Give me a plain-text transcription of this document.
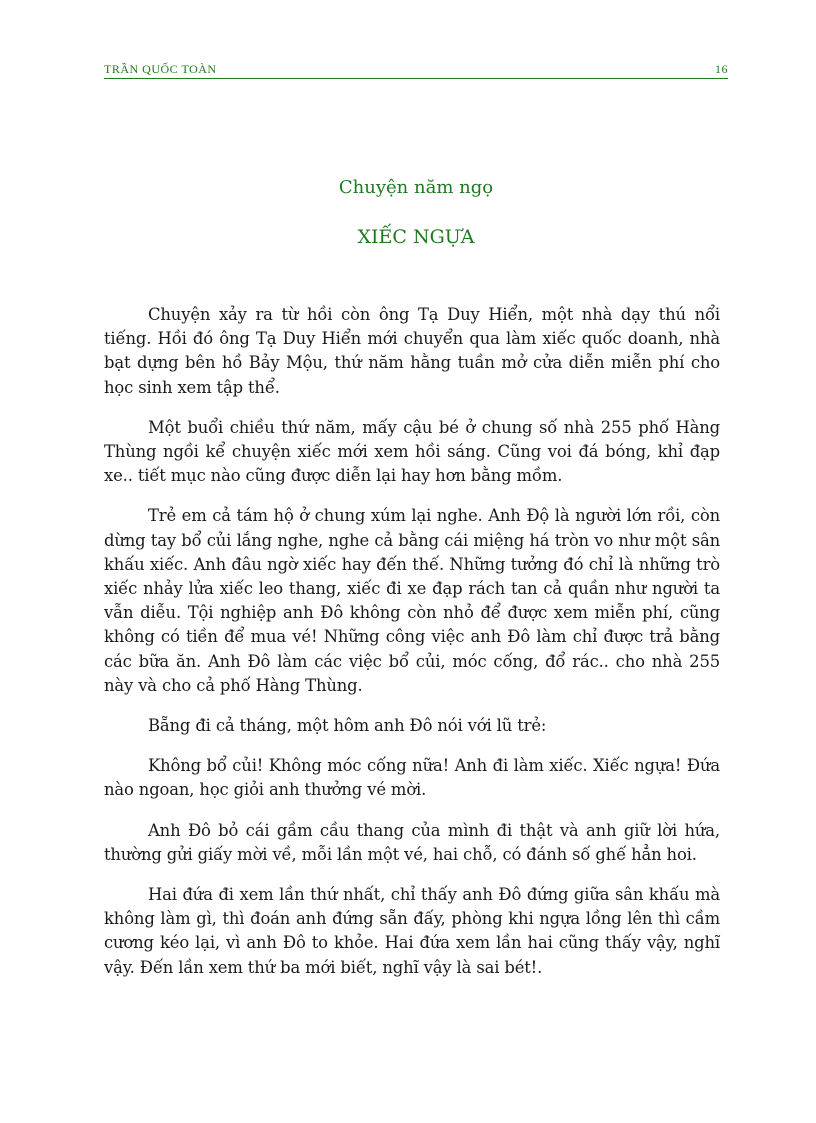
TRẦN QUỐC TOÀN	16
Chuyện năm ngọ
XIẾC NGỰA

Chuyện xảy ra từ hồi còn ông Tạ Duy Hiển, một nhà dạy thú nổi tiếng. Hồi đó ông Tạ Duy Hiển mới chuyển qua làm xiếc quốc doanh, nhà bạt dựng bên hồ Bảy Mộu, thứ năm hằng tuần mở cửa diễn miễn phí cho học sinh xem tập thể.

Một buổi chiều thứ năm, mấy cậu bé ở chung số nhà 255 phố Hàng Thùng ngồi kể chuyện xiếc mới xem hồi sáng. Cũng voi đá bóng, khỉ đạp xe.. tiết mục nào cũng được diễn lại hay hơn bằng mồm.

Trẻ em cả tám hộ ở chung xúm lại nghe. Anh Độ là người lớn rồi, còn dừng tay bổ củi lắng nghe, nghe cả bằng cái miệng há tròn vo như một sân khấu xiếc. Anh đâu ngờ xiếc hay đến thế. Những tưởng đó chỉ là những trò xiếc nhảy lửa xiếc leo thang, xiếc đi xe đạp rách tan cả quần như người ta vẫn diễu. Tội nghiệp anh Đô không còn nhỏ để được xem miễn phí, cũng không có tiền để mua vé! Những công việc anh Đô làm chỉ được trả bằng các bữa ăn. Anh Đô làm các việc bổ củi, móc cống, đổ rác.. cho nhà 255 này và cho cả phố Hàng Thùng.

Bẵng đi cả tháng, một hôm anh Đô nói với lũ trẻ:

Không bổ củi! Không móc cống nữa! Anh đi làm xiếc. Xiếc ngựa! Đứa nào ngoan, học giỏi anh thưởng vé mời.

Anh Đô bỏ cái gầm cầu thang của mình đi thật và anh giữ lời hứa, thường gửi giấy mời về, mỗi lần một vé, hai chỗ, có đánh số ghế hẳn hoi.

Hai đứa đi xem lần thứ nhất, chỉ thấy anh Đô đứng giữa sân khấu mà không làm gì, thì đoán anh đứng sẵn đấy, phòng khi ngựa lồng lên thì cầm cương kéo lại, vì anh Đô to khỏe. Hai đứa xem lần hai cũng thấy vậy, nghĩ vậy. Đến lần xem thứ ba mới biết, nghĩ vậy là sai bét!.
